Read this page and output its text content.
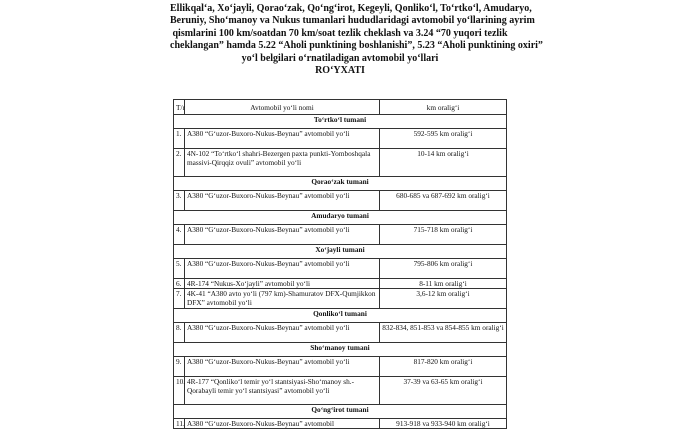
Ellikqal‘a, Xo‘jayli, Qorao‘zak, Qo‘ng‘irot, Kegeyli, Qonliko‘l, To‘rtko‘l, Amudaryo,
Beruniy, Sho‘manoy va Nukus tumanlari hududlaridagi avtomobil yo‘llarining ayrim
qismlarini 100 km/soatdan 70 km/soat tezlik cheklash va 3.24 “70 yuqori tezlik
cheklangan” hamda 5.22 “Aholi punktining boshlanishi”, 5.23 “Aholi punktining oxiri”
yo‘l belgilari o‘rnatiladigan avtomobil yo‘llari
RO‘YXATI
T/r	Avtomobil yo‘li nomi	km oralig‘i
To‘rtko‘l tumani		
1.	A380 “G‘uzor-Buxoro-Nukus-Beynau” avtomobil yo‘li	592-595 km oralig‘i
2.	4N-102 “To‘rtko‘l shahri-Bezergen paxta punkti-Yomboshqala massivi-Qirqqiz ovuli” avtomobil yo‘li	10-14 km oralig‘i
Qorao‘zak tumani		
3.	A380 “G‘uzor-Buxoro-Nukus-Beynau” avtomobil yo‘li	680-685 va 687-692 km oralig‘i
Amudaryo tumani		
4.	A380 “G‘uzor-Buxoro-Nukus-Beynau” avtomobil yo‘li	715-718 km oralig‘i
Xo‘jayli tumani		
5.	A380 “G‘uzor-Buxoro-Nukus-Beynau” avtomobil yo‘li	795-806 km oralig‘i
6.	4R-174 “Nukus-Xo‘jayli” avtomobil yo‘li	8-11 km oralig‘i
7.	4K-41 “A380 avto yo‘li (797 km)-Shamuratov DFX-Qumjikkon DFX” avtomobil yo‘li	3,6-12 km oralig‘i
Qonliko‘l tumani		
8.	A380 “G‘uzor-Buxoro-Nukus-Beynau” avtomobil yo‘li	832-834, 851-853 va 854-855 km oralig‘i
Sho‘manoy tumani		
9.	A380 “G‘uzor-Buxoro-Nukus-Beynau” avtomobil yo‘li	817-820 km oralig‘i
10.	4R-177 “Qonliko‘l temir yo‘l stantsiyasi-Sho‘manoy sh.-Qorabayli temir yo‘l stantsiyasi” avtomobil yo‘li	37-39 va 63-65 km oralig‘i
Qo‘ng‘irot tumani		
11.	A380 “G‘uzor-Buxoro-Nukus-Beynau” avtomobil	913-918 va 933-940 km oralig‘i
